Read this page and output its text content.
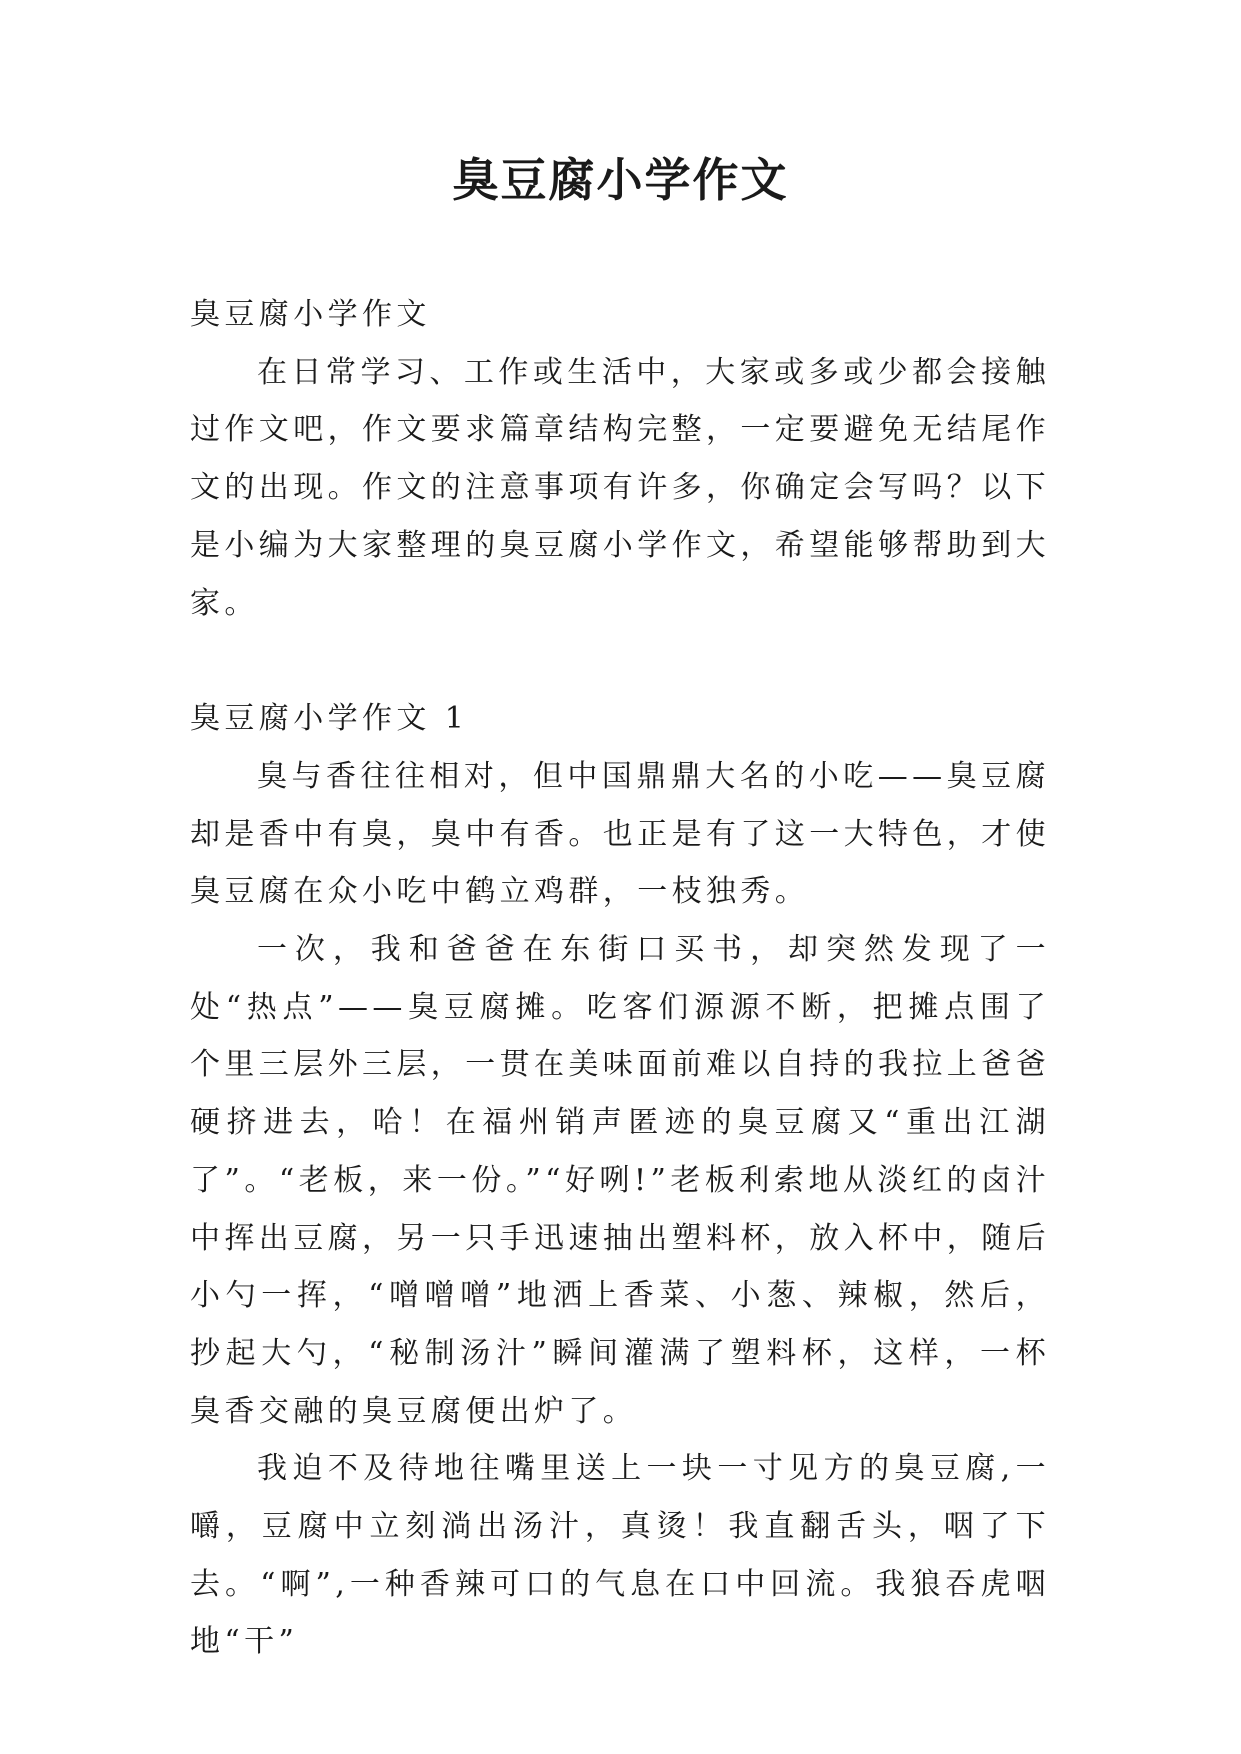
臭豆腐小学作文

臭豆腐小学作文

在日常学习、工作或生活中，大家或多或少都会接触过作文吧，作文要求篇章结构完整，一定要避免无结尾作文的出现。作文的注意事项有许多，你确定会写吗？以下是小编为大家整理的臭豆腐小学作文，希望能够帮助到大家。

臭豆腐小学作文 1

臭与香往往相对，但中国鼎鼎大名的小吃——臭豆腐却是香中有臭，臭中有香。也正是有了这一大特色，才使臭豆腐在众小吃中鹤立鸡群，一枝独秀。

一次，我和爸爸在东街口买书，却突然发现了一处“热点”——臭豆腐摊。吃客们源源不断，把摊点围了个里三层外三层，一贯在美味面前难以自持的我拉上爸爸硬挤进去，哈！在福州销声匿迹的臭豆腐又“重出江湖了”。“老板，来一份。”“好咧!”老板利索地从淡红的卤汁中挥出豆腐，另一只手迅速抽出塑料杯，放入杯中，随后小勺一挥，“噌噌噌”地洒上香菜、小葱、辣椒，然后，抄起大勺，“秘制汤汁”瞬间灌满了塑料杯，这样，一杯臭香交融的臭豆腐便出炉了。

我迫不及待地往嘴里送上一块一寸见方的臭豆腐,一嚼，豆腐中立刻淌出汤汁，真烫！我直翻舌头，咽了下去。“啊”,一种香辣可口的气息在口中回流。我狼吞虎咽地“干”
